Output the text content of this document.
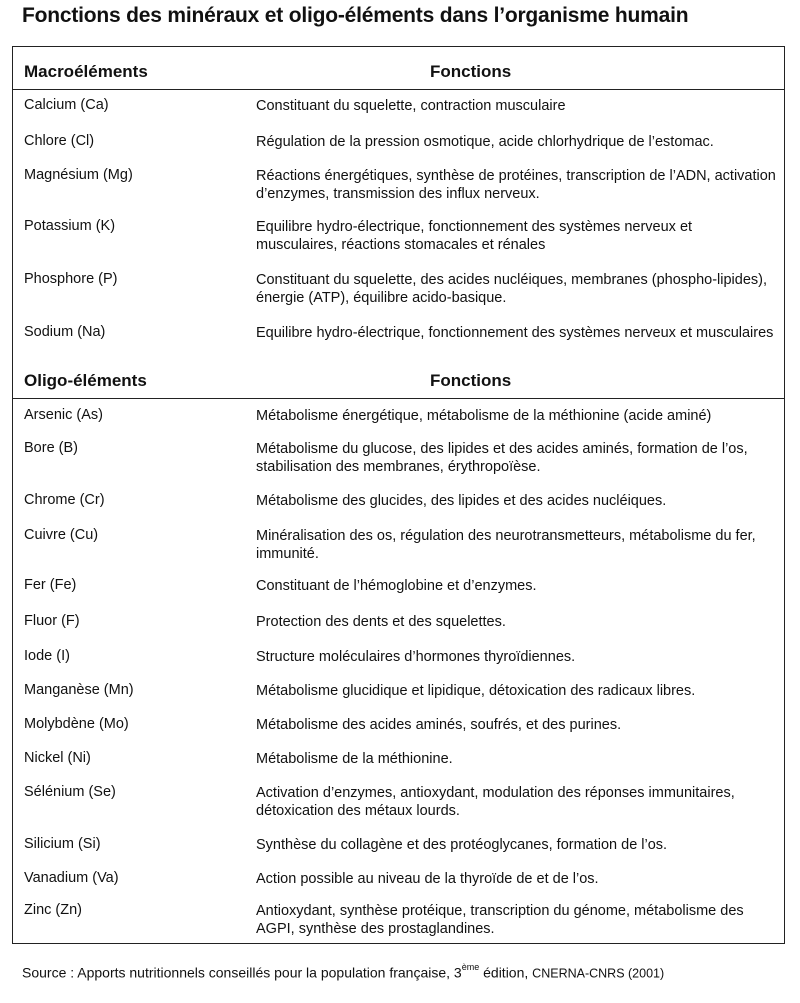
Fonctions des minéraux et oligo-éléments dans l’organisme humain
Macroéléments	Fonctions
Calcium (Ca)	Constituant du squelette, contraction musculaire
Chlore (Cl)	Régulation de la pression osmotique, acide chlorhydrique de l’estomac.
Magnésium (Mg)	Réactions énergétiques, synthèse de protéines, transcription de l’ADN, activation d’enzymes, transmission des influx nerveux.
Potassium (K)	Equilibre hydro-électrique, fonctionnement des systèmes nerveux et musculaires, réactions stomacales et rénales
Phosphore (P)	Constituant du squelette, des acides nucléiques, membranes (phospho-lipides), énergie (ATP), équilibre acido-basique.
Sodium (Na)	Equilibre hydro-électrique, fonctionnement des systèmes nerveux et musculaires
Oligo-éléments	Fonctions
Arsenic (As)	Métabolisme énergétique, métabolisme de la méthionine (acide aminé)
Bore (B)	Métabolisme du glucose, des lipides et des acides aminés, formation de l’os, stabilisation des membranes, érythropoïèse.
Chrome (Cr)	Métabolisme des glucides, des lipides et des acides nucléiques.
Cuivre (Cu)	Minéralisation des os, régulation des neurotransmetteurs, métabolisme du fer, immunité.
Fer (Fe)	Constituant de l’hémoglobine et d’enzymes.
Fluor (F)	Protection des dents et des squelettes.
Iode (I)	Structure moléculaires d’hormones thyroïdiennes.
Manganèse (Mn)	Métabolisme glucidique et lipidique, détoxication des radicaux libres.
Molybdène (Mo)	Métabolisme des acides aminés, soufrés, et des purines.
Nickel (Ni)	Métabolisme de la méthionine.
Sélénium (Se)	Activation d’enzymes, antioxydant, modulation des réponses immunitaires, détoxication des métaux lourds.
Silicium (Si)	Synthèse du collagène et des protéoglycanes, formation de l’os.
Vanadium (Va)	Action possible au niveau de la thyroïde de et de l’os.
Zinc (Zn)	Antioxydant, synthèse protéique, transcription du génome, métabolisme des AGPI, synthèse des prostaglandines.
Source : Apports nutritionnels conseillés pour la population française, 3ème édition, CNERNA-CNRS (2001)
